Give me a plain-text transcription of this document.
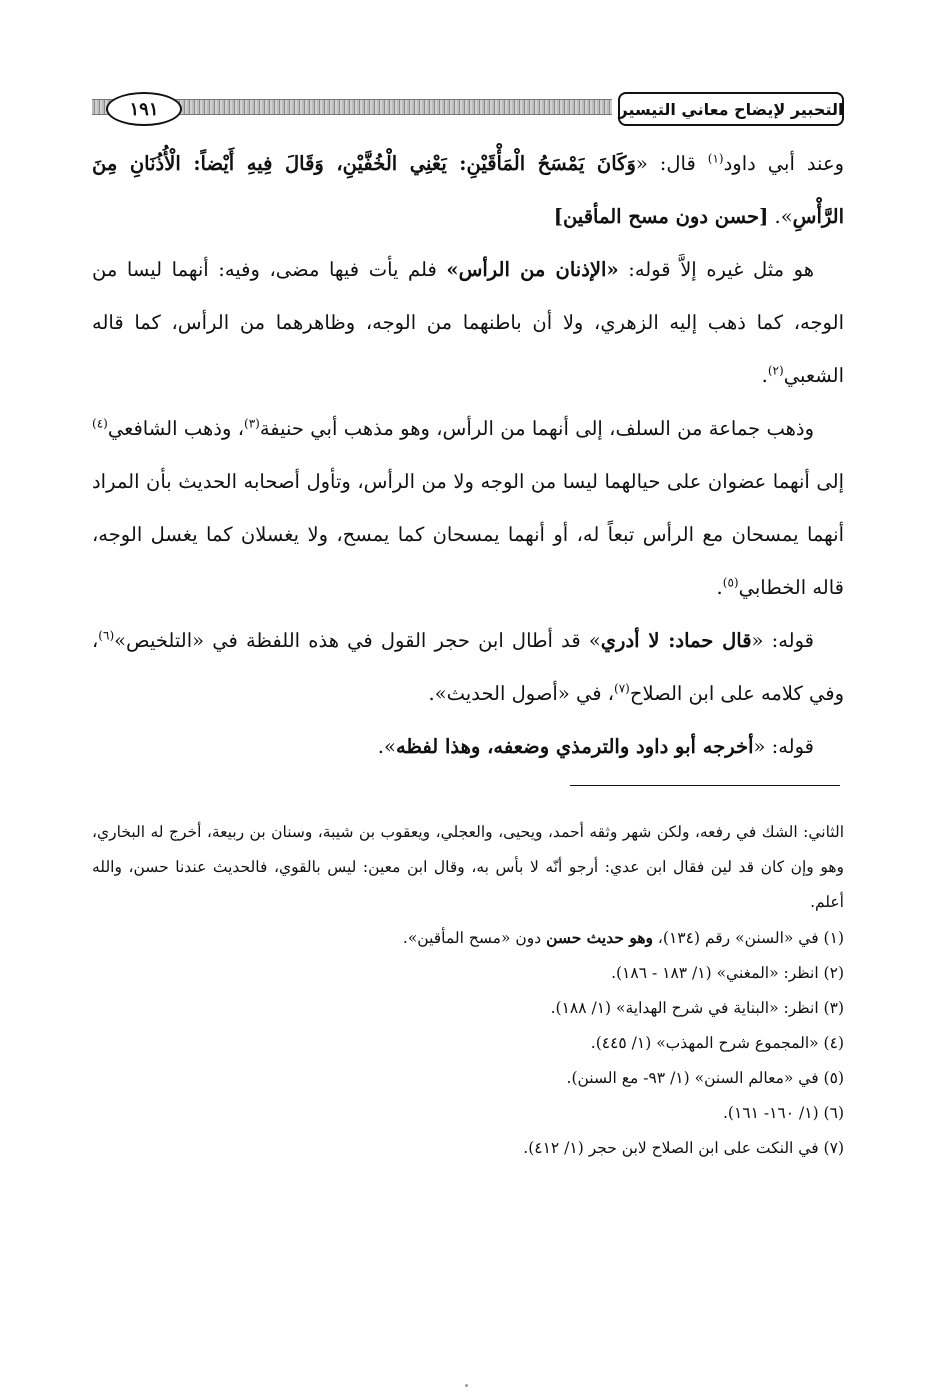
١٩١	التحبير لإيضاح معاني التيسير

وعند أبي داود$^{(١)}$ قال: «وَكَانَ يَمْسَحُ الْمَأْقَيْنِ: يَعْنِي الْخُفَّيْنِ، وَقَالَ فِيهِ أَيْضاً: الْأُذُنَانِ مِنَ الرَّأْسِ». [حسن دون مسح المأقين]

هو مثل غيره إلاَّ قوله: «الإذنان من الرأس» فلم يأت فيها مضى، وفيه: أنهما ليسا من الوجه، كما ذهب إليه الزهري، ولا أن باطنهما من الوجه، وظاهرهما من الرأس، كما قاله الشعبي$^{(٢)}$.

وذهب جماعة من السلف، إلى أنهما من الرأس، وهو مذهب أبي حنيفة$^{(٣)}$، وذهب الشافعي$^{(٤)}$ إلى أنهما عضوان على حيالهما ليسا من الوجه ولا من الرأس، وتأول أصحابه الحديث بأن المراد أنهما يمسحان مع الرأس تبعاً له، أو أنهما يمسحان كما يمسح، ولا يغسلان كما يغسل الوجه، قاله الخطابي$^{(٥)}$.

قوله: «قال حماد: لا أدري» قد أطال ابن حجر القول في هذه اللفظة في «التلخيص»$^{(٦)}$، وفي كلامه على ابن الصلاح$^{(٧)}$، في «أصول الحديث».

قوله: «أخرجه أبو داود والترمذي وضعفه، وهذا لفظه».

الثاني: الشك في رفعه، ولكن شهر وثقه أحمد، ويحيى، والعجلي، ويعقوب بن شيبة، وسنان بن ربيعة، أخرج له البخاري، وهو وإن كان قد لين فقال ابن عدي: أرجو أنّه لا بأس به، وقال ابن معين: ليس بالقوي، فالحديث عندنا حسن، والله أعلم.

(١) في «السنن» رقم (١٣٤)، وهو حديث حسن دون «مسح المأقين».

(٢) انظر: «المغني» (١/ ١٨٣ - ١٨٦).

(٣) انظر: «البناية في شرح الهداية» (١/ ١٨٨).

(٤) «المجموع شرح المهذب» (١/ ٤٤٥).

(٥) في «معالم السنن» (١/ ٩٣- مع السنن).

(٦) (١/ ١٦٠- ١٦١).

(٧) في النكت على ابن الصلاح لابن حجر (١/ ٤١٢).
